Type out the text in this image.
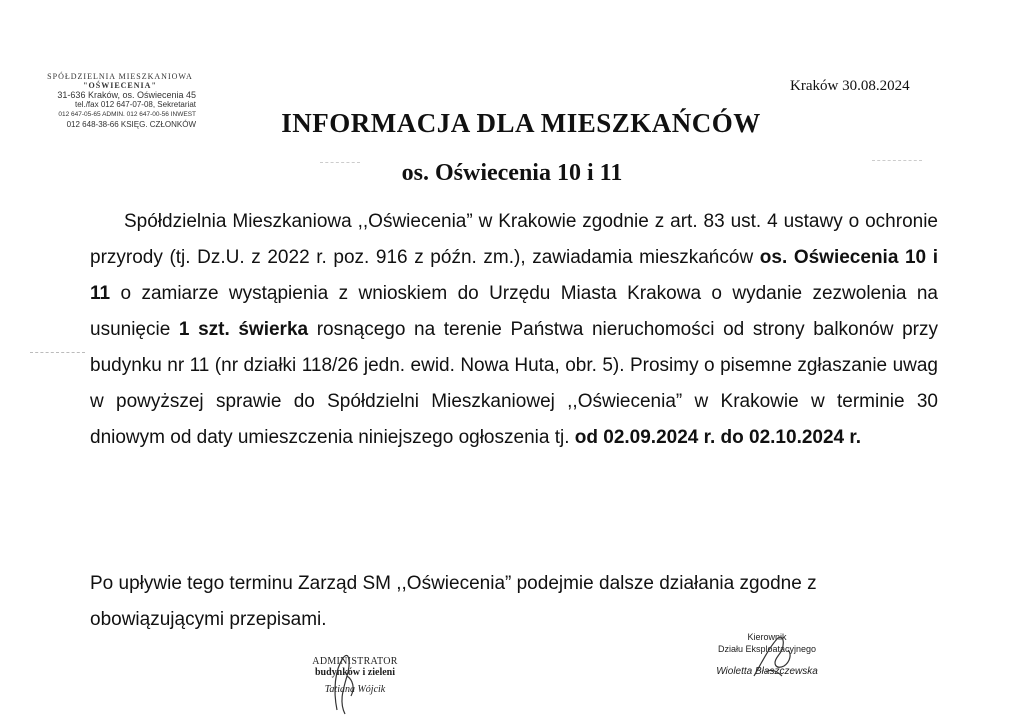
SPÓŁDZIELNIA MIESZKANIOWA
"OŚWIECENIA"
31-636 Kraków, os. Oświecenia 45
tel./fax 012 647-07-08, Sekretariat
012 647-05-65 ADMIN. 012 647-00-56 INWEST
012 648-38-66 KSIĘG. CZŁONKÓW
Kraków 30.08.2024
INFORMACJA DLA MIESZKAŃCÓW
os. Oświecenia 10 i 11
Spółdzielnia Mieszkaniowa ,,Oświecenia” w Krakowie zgodnie z art. 83 ust. 4 ustawy o ochronie przyrody (tj. Dz.U. z 2022 r. poz. 916 z późn. zm.), zawiadamia mieszkańców os. Oświecenia 10 i 11 o zamiarze wystąpienia z wnioskiem do Urzędu Miasta Krakowa o wydanie zezwolenia na usunięcie 1 szt. świerka rosnącego na terenie Państwa nieruchomości od strony balkonów przy budynku nr 11 (nr działki 118/26 jedn. ewid. Nowa Huta, obr. 5). Prosimy o pisemne zgłaszanie uwag w powyższej sprawie do Spółdzielni Mieszkaniowej ,,Oświecenia” w Krakowie w terminie 30 dniowym od daty umieszczenia niniejszego ogłoszenia tj. od 02.09.2024 r. do 02.10.2024 r.
Po upływie tego terminu Zarząd SM ,,Oświecenia” podejmie dalsze działania zgodne z obowiązującymi przepisami.
ADMINISTRATOR
budynków i zieleni
Tatiana Wójcik
Kierownik
Działu Eksploatacyjnego
Wioletta Błaszczewska
